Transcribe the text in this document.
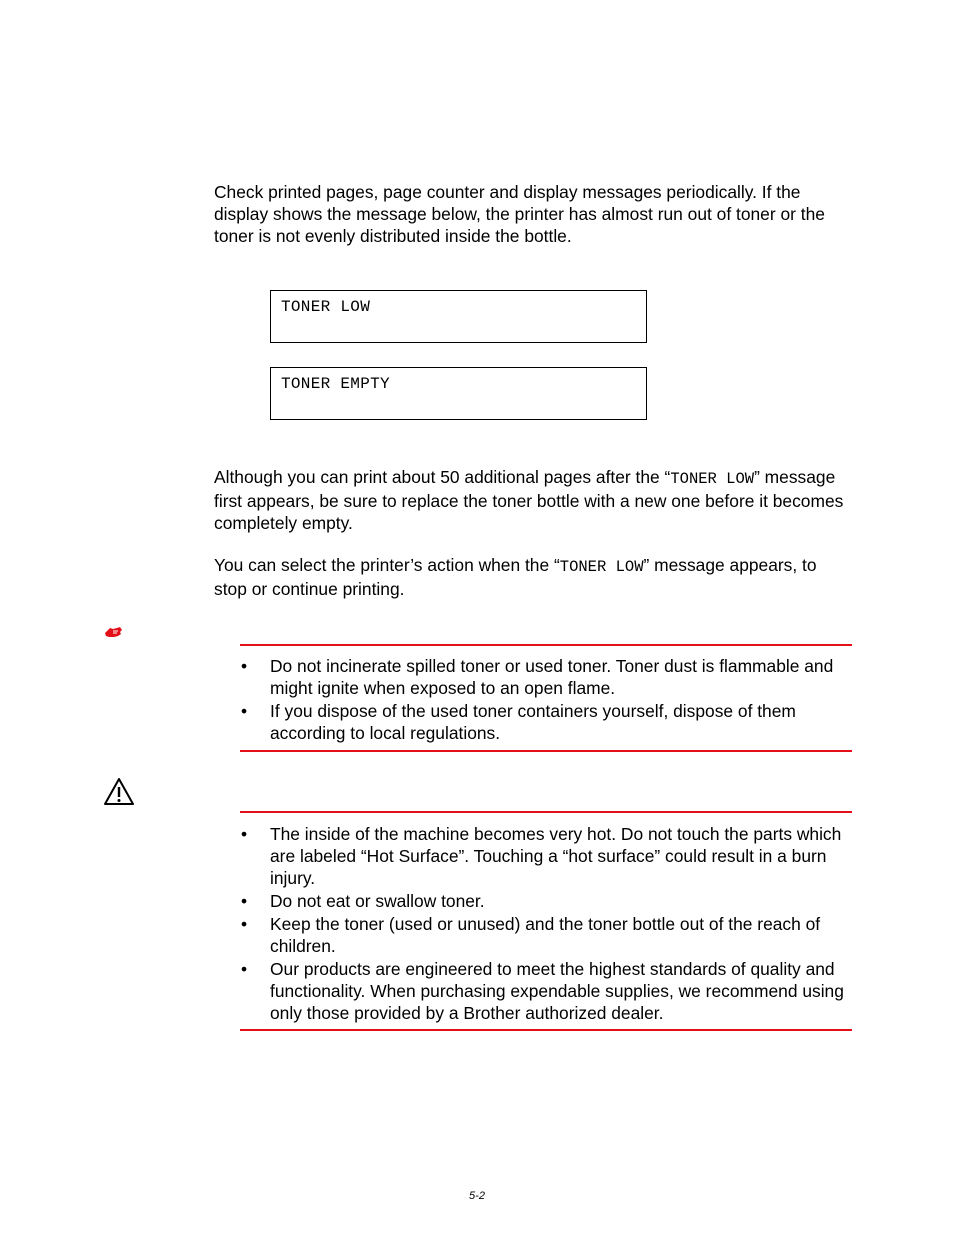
Check printed pages, page counter and display messages periodically. If the display shows the message below, the printer has almost run out of toner or the toner is not evenly distributed inside the bottle.

TONER LOW
TONER EMPTY

Although you can print about 50 additional pages after the “TONER LOW” message first appears, be sure to replace the toner bottle with a new one before it becomes completely empty.

You can select the printer’s action when the “TONER LOW” message appears, to stop or continue printing.

• Do not incinerate spilled toner or used toner. Toner dust is flammable and might ignite when exposed to an open flame.
• If you dispose of the used toner containers yourself, dispose of them according to local regulations.
• The inside of the machine becomes very hot. Do not touch the parts which are labeled “Hot Surface”. Touching a “hot surface” could result in a burn injury.
• Do not eat or swallow toner.
• Keep the toner (used or unused) and the toner bottle out of the reach of children.
• Our products are engineered to meet the highest standards of quality and functionality. When purchasing expendable supplies, we recommend using only those provided by a Brother authorized dealer.
5-2
